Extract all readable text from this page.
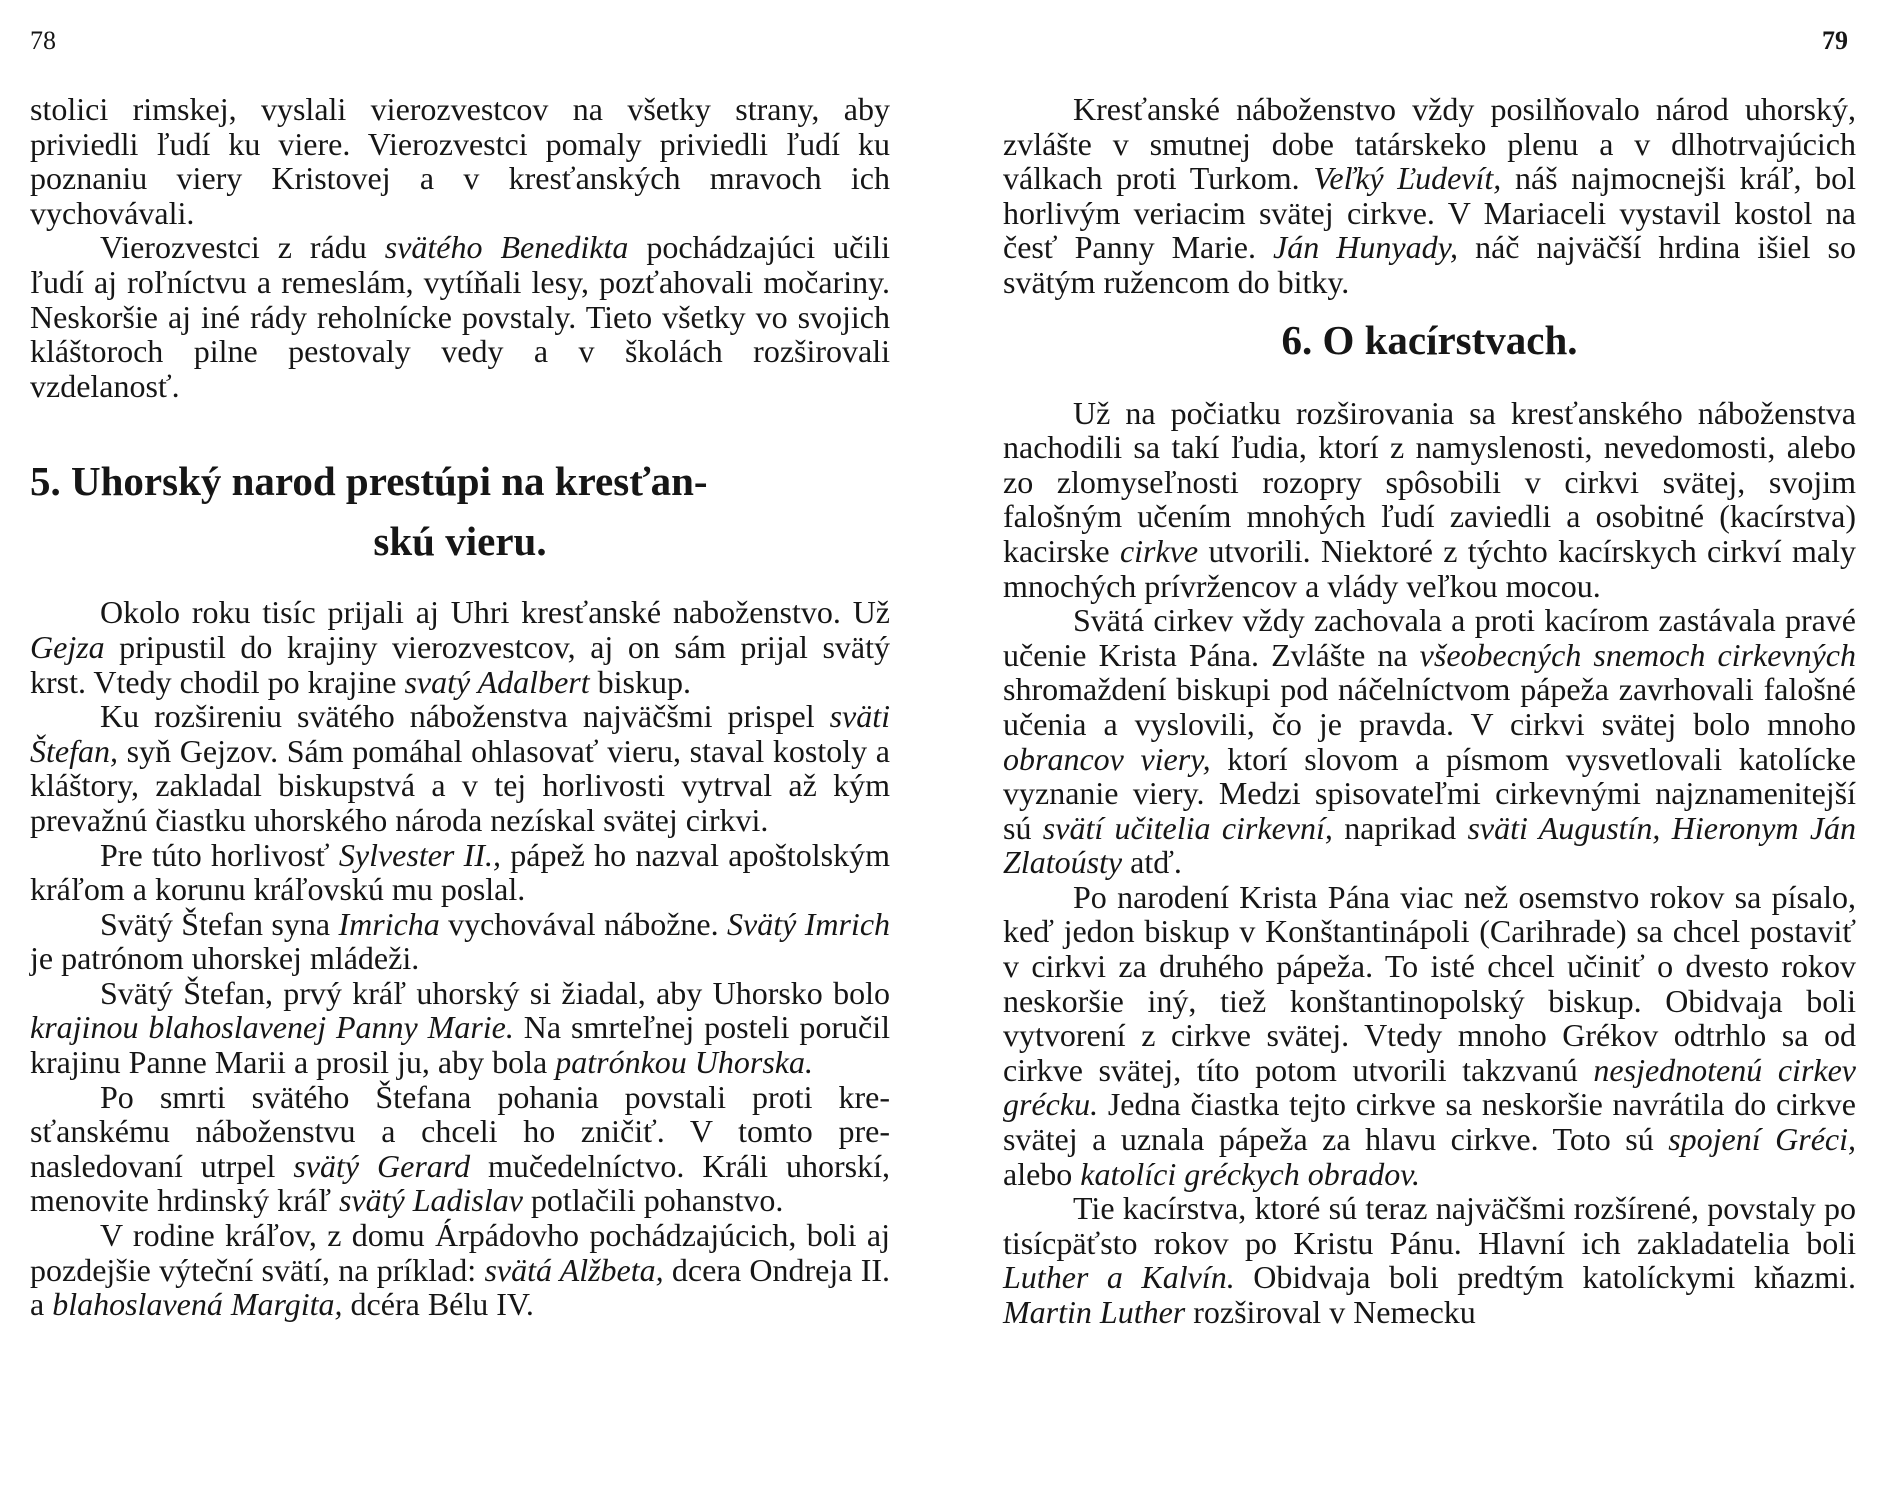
78	79

stolici rimskej, vyslali vierozvestcov na všetky strany, aby priviedli ľudí ku viere. Vierozvestci pomaly priviedli ľudí ku poznaniu viery Kristovej a v kresťanských mravoch ich vychovávali.

Vierozvestci z rádu svätého Benedikta pochádzajúci učili ľudí aj roľníctvu a remeslám, vytíňali lesy, pozťahovali močariny. Neskoršie aj iné rády reholnícke povstaly. Tieto všetky vo svojich kláštoroch pilne pestovaly vedy a v školách rozširovali vzdelanosť.

5. Uhorský narod prestúpi na kresťan-
skú vieru.

Okolo roku tisíc prijali aj Uhri kresťanské naboženstvo. Už Gejza pripustil do krajiny vierozvestcov, aj on sám prijal svätý krst. Vtedy chodil po krajine svatý Adalbert biskup.

Ku rozšireniu svätého náboženstva najväčšmi prispel sväti Štefan, syň Gejzov. Sám pomáhal ohlasovať vieru, staval kostoly a kláštory, zakladal biskupstvá a v tej horlivosti vytrval až kým prevažnú čiastku uhorského národa nezískal svätej cirkvi.

Pre túto horlivosť Sylvester II., pápež ho nazval apoštolským kráľom a korunu kráľovskú mu poslal.

Svätý Štefan syna Imricha vychovával nábožne. Svätý Imrich je patrónom uhorskej mládeži.

Svätý Štefan, prvý kráľ uhorský si žiadal, aby Uhorsko bolo krajinou blahoslavenej Panny Marie. Na smrteľnej posteli poručil krajinu Panne Marii a prosil ju, aby bola patrónkou Uhorska.

Po smrti svätého Štefana pohania povstali proti kresťanskému náboženstvu a chceli ho zničiť. V tomto prenasledovaní utrpel svätý Gerard mučedelníctvo. Králi uhorskí, menovite hrdinský kráľ svätý Ladislav potlačili pohanstvo.

V rodine kráľov, z domu Árpádovho pochádzajúcich, boli aj pozdejšie výteční svätí, na príklad: svätá Alžbeta, dcera Ondreja II. a blahoslavená Margita, dcéra Bélu IV.

Kresťanské náboženstvo vždy posilňovalo národ uhorský, zvlášte v smutnej dobe tatárskeko plenu a v dlhotrvajúcich válkach proti Turkom. Veľký Ľudevít, náš najmocnejši kráľ, bol horlivým veriacim svätej cirkve. V Mariaceli vystavil kostol na česť Panny Marie. Ján Hunyady, náč najväčší hrdina išiel so svätým ružencom do bitky.

6. O kacírstvach.

Už na počiatku rozširovania sa kresťanského náboženstva nachodili sa takí ľudia, ktorí z namyslenosti, nevedomosti, alebo zo zlomyseľnosti rozopry spôsobili v cirkvi svätej, svojim falošným učením mnohých ľudí zaviedli a osobitné (kacírstva) kacirske cirkve utvorili. Niektoré z týchto kacírskych cirkví maly mnochých prívržencov a vlády veľkou mocou.

Svätá cirkev vždy zachovala a proti kacírom zastávala pravé učenie Krista Pána. Zvlášte na všeobecných snemoch cirkevných shromaždení biskupi pod náčelníctvom pápeža zavrhovali falošné učenia a vyslovili, čo je pravda. V cirkvi svätej bolo mnoho obrancov viery, ktorí slovom a písmom vysvetlovali katolícke vyznanie viery. Medzi spisovateľmi cirkevnými najznamenitejší sú svätí učitelia cirkevní, naprikad sväti Augustín, Hieronym Ján Zlatoústy atď.

Po narodení Krista Pána viac než osemstvo rokov sa písalo, keď jedon biskup v Konštantinápoli (Carihrade) sa chcel postaviť v cirkvi za druhého pápeža. To isté chcel učiniť o dvesto rokov neskoršie iný, tiež konštantinopolský biskup. Obidvaja boli vytvorení z cirkve svätej. Vtedy mnoho Grékov odtrhlo sa od cirkve svätej, títo potom utvorili takzvanú nesjednotenú cirkev grécku. Jedna čiastka tejto cirkve sa neskoršie navrátila do cirkve svätej a uznala pápeža za hlavu cirkve. Toto sú spojení Gréci, alebo katolíci gréckych obradov.

Tie kacírstva, ktoré sú teraz najväčšmi rozšírené, povstaly po tisícpäťsto rokov po Kristu Pánu. Hlavní ich zakladatelia boli Luther a Kalvín. Obidvaja boli predtým katolíckymi kňazmi. Martin Luther rozširoval v Nemecku
